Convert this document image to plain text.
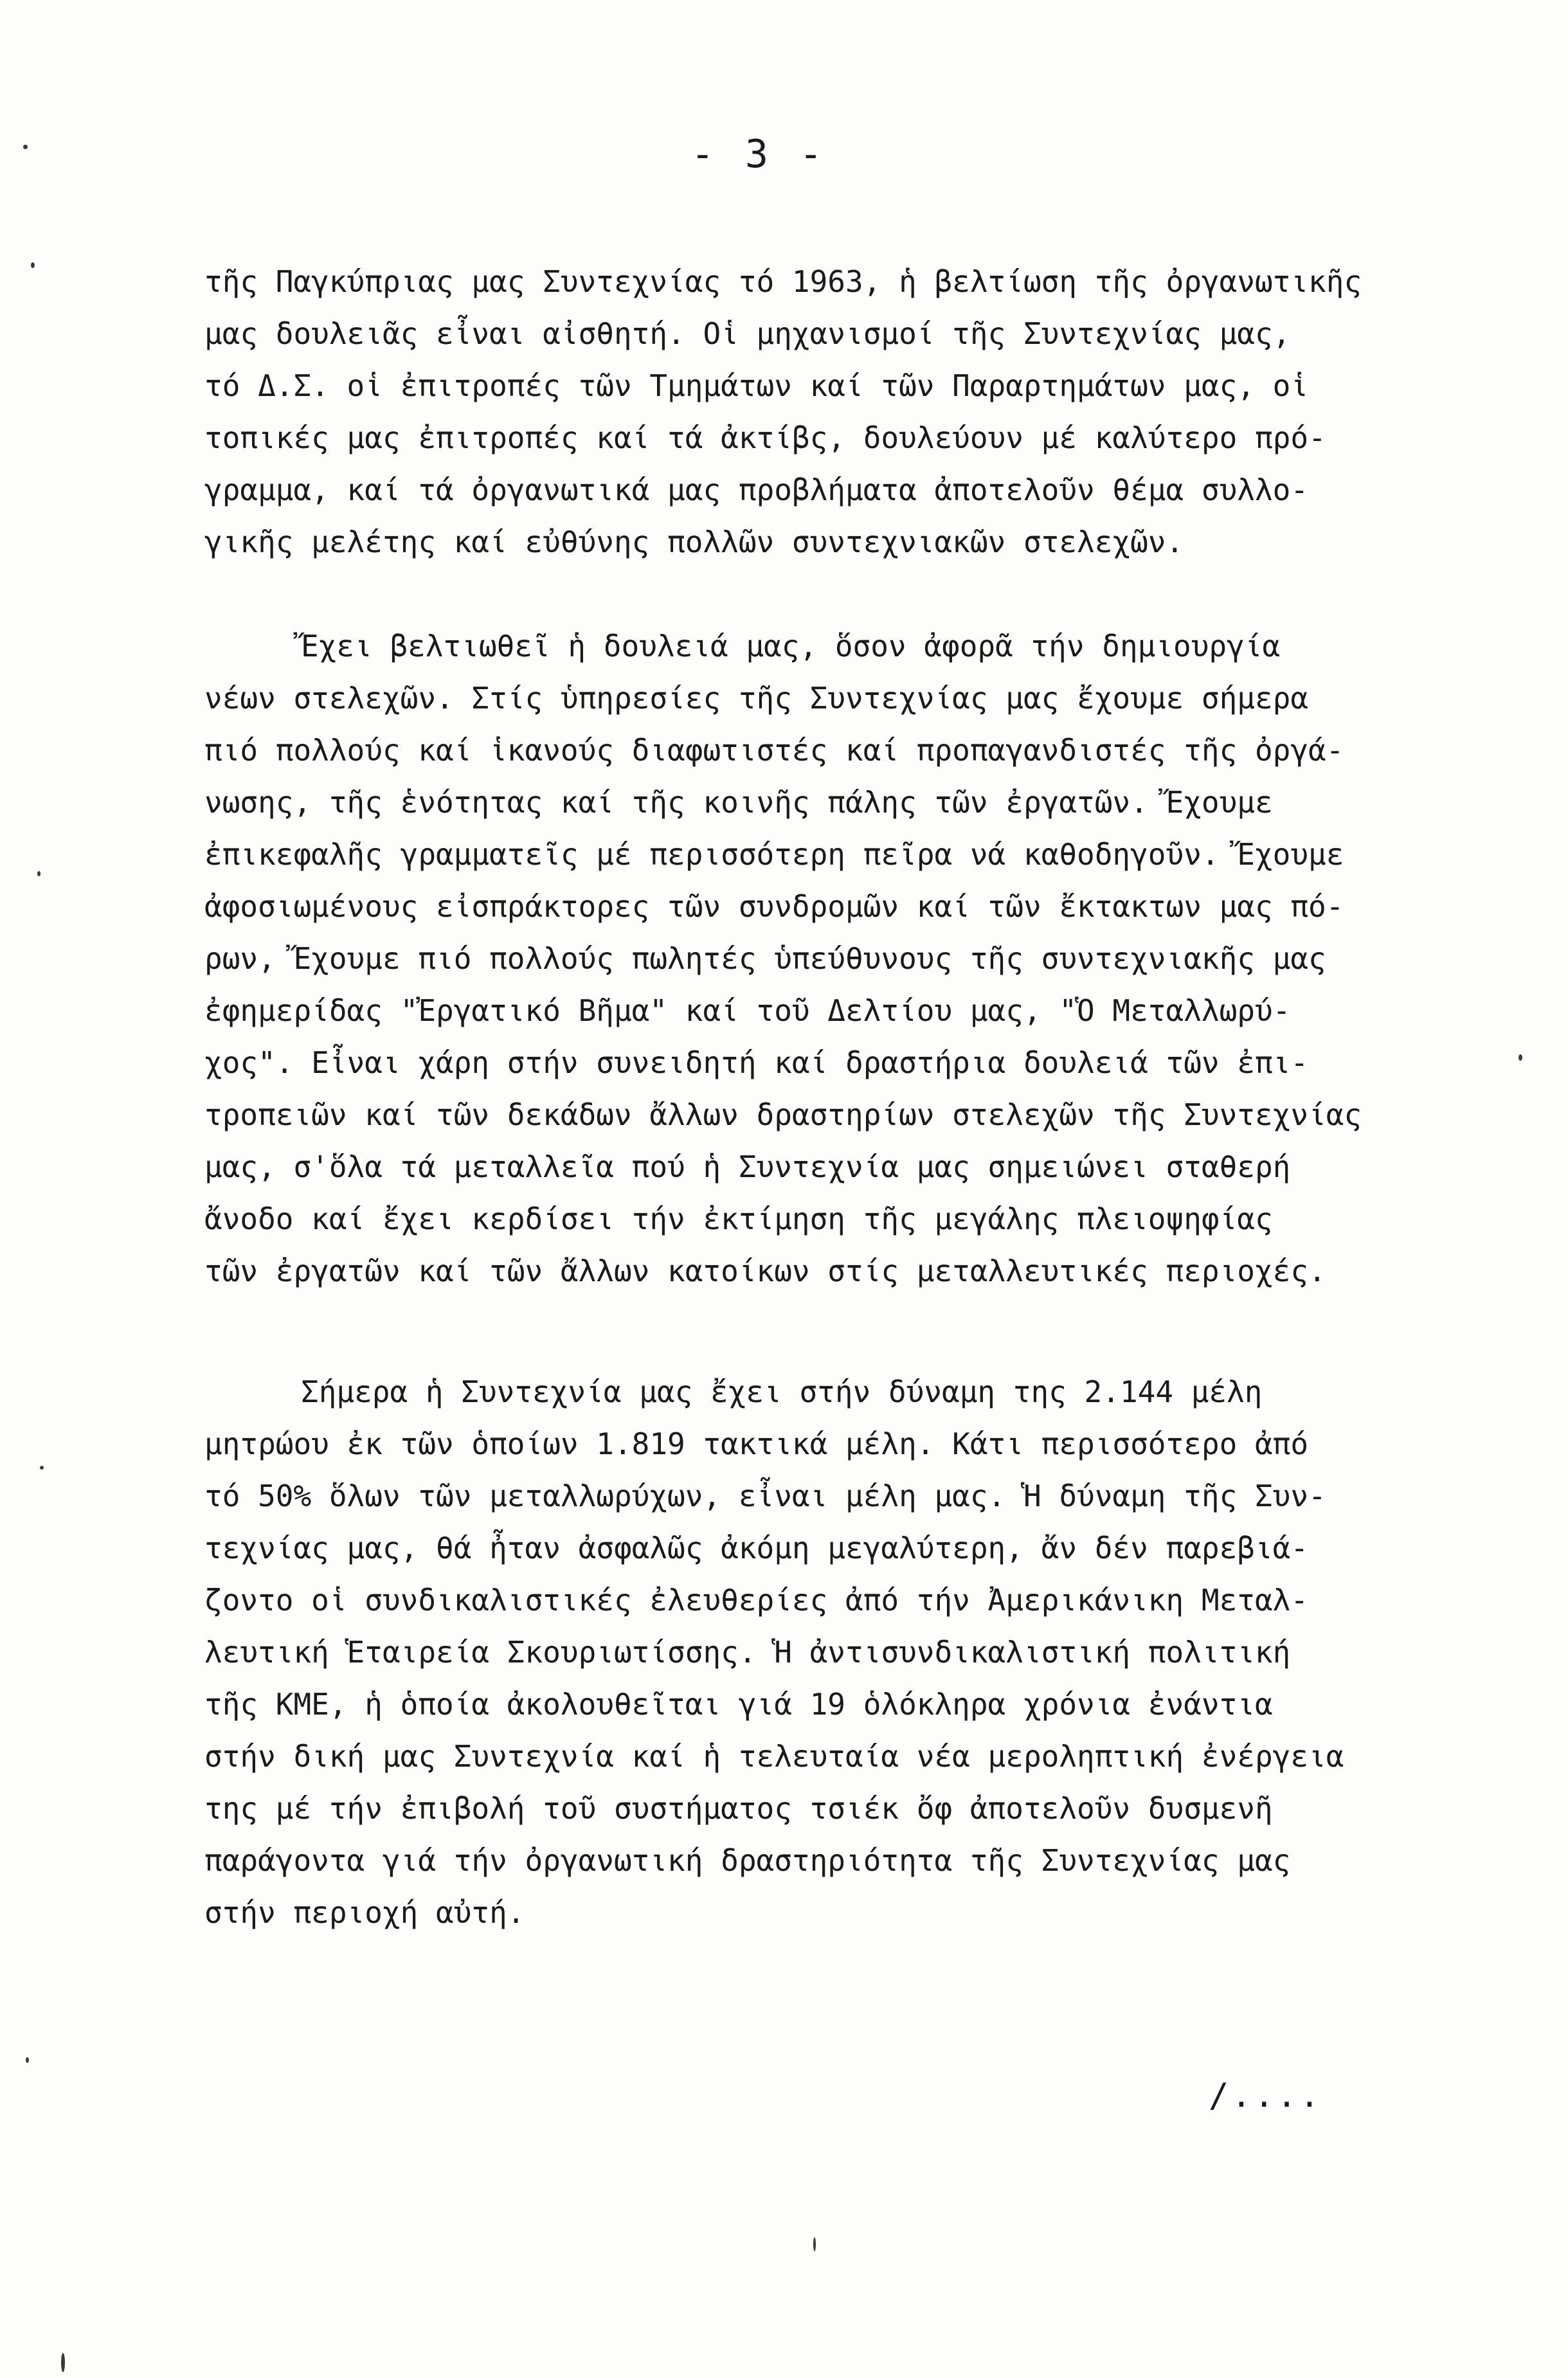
- 3 -
τῆς Παγκύπριας μας Συντεχνίας τό 1963, ἡ βελτίωση τῆς ὀργανωτικῆς
μας δουλειᾶς εἶναι αἰσθητή. Οἱ μηχανισμοί τῆς Συντεχνίας μας,
τό Δ.Σ. οἱ ἐπιτροπές τῶν Τμημάτων καί τῶν Παραρτημάτων μας, οἱ
τοπικές μας ἐπιτροπές καί τά ἀκτίβς, δουλεύουν μέ καλύτερο πρό-
γραμμα, καί τά ὀργανωτικά μας προβλήματα ἀποτελοῦν θέμα συλλο-
γικῆς μελέτης καί εὐθύνης πολλῶν συντεχνιακῶν στελεχῶν.
Ἔχει βελτιωθεῖ ἡ δουλειά μας, ὅσον ἀφορᾶ τήν δημιουργία
νέων στελεχῶν. Στίς ὑπηρεσίες τῆς Συντεχνίας μας ἔχουμε σήμερα
πιό πολλούς καί ἱκανούς διαφωτιστές καί προπαγανδιστές τῆς ὀργά-
νωσης, τῆς ἑνότητας καί τῆς κοινῆς πάλης τῶν ἐργατῶν. Ἔχουμε
ἐπικεφαλῆς γραμματεῖς μέ περισσότερη πεῖρα νά καθοδηγοῦν. Ἔχουμε
ἀφοσιωμένους εἰσπράκτορες τῶν συνδρομῶν καί τῶν ἔκτακτων μας πό-
ρων, Ἔχουμε πιό πολλούς πωλητές ὑπεύθυνους τῆς συντεχνιακῆς μας
ἐφημερίδας "Ἐργατικό Βῆμα" καί τοῦ Δελτίου μας, "Ὁ Μεταλλωρύ-
χος". Εἶναι χάρη στήν συνειδητή καί δραστήρια δουλειά τῶν ἐπι-
τροπειῶν καί τῶν δεκάδων ἄλλων δραστηρίων στελεχῶν τῆς Συντεχνίας
μας, σ'ὅλα τά μεταλλεῖα πού ἡ Συντεχνία μας σημειώνει σταθερή
ἄνοδο καί ἔχει κερδίσει τήν ἐκτίμηση τῆς μεγάλης πλειοψηφίας
τῶν ἐργατῶν καί τῶν ἄλλων κατοίκων στίς μεταλλευτικές περιοχές.
Σήμερα ἡ Συντεχνία μας ἔχει στήν δύναμη της 2.144 μέλη
μητρώου ἐκ τῶν ὁποίων 1.819 τακτικά μέλη. Κάτι περισσότερο ἀπό
τό 50% ὅλων τῶν μεταλλωρύχων, εἶναι μέλη μας. Ἡ δύναμη τῆς Συν-
τεχνίας μας, θά ἦταν ἀσφαλῶς ἀκόμη μεγαλύτερη, ἄν δέν παρεβιά-
ζοντο οἱ συνδικαλιστικές ἐλευθερίες ἀπό τήν Ἀμερικάνικη Μεταλ-
λευτική Ἑταιρεία Σκουριωτίσσης. Ἡ ἀντισυνδικαλιστική πολιτική
τῆς ΚΜΕ, ἡ ὁποία ἀκολουθεῖται γιά 19 ὁλόκληρα χρόνια ἐνάντια
στήν δική μας Συντεχνία καί ἡ τελευταία νέα μεροληπτική ἐνέργεια
της μέ τήν ἐπιβολή τοῦ συστήματος τσιέκ ὄφ ἀποτελοῦν δυσμενῆ
παράγοντα γιά τήν ὀργανωτική δραστηριότητα τῆς Συντεχνίας μας
στήν περιοχή αὐτή.
/....
